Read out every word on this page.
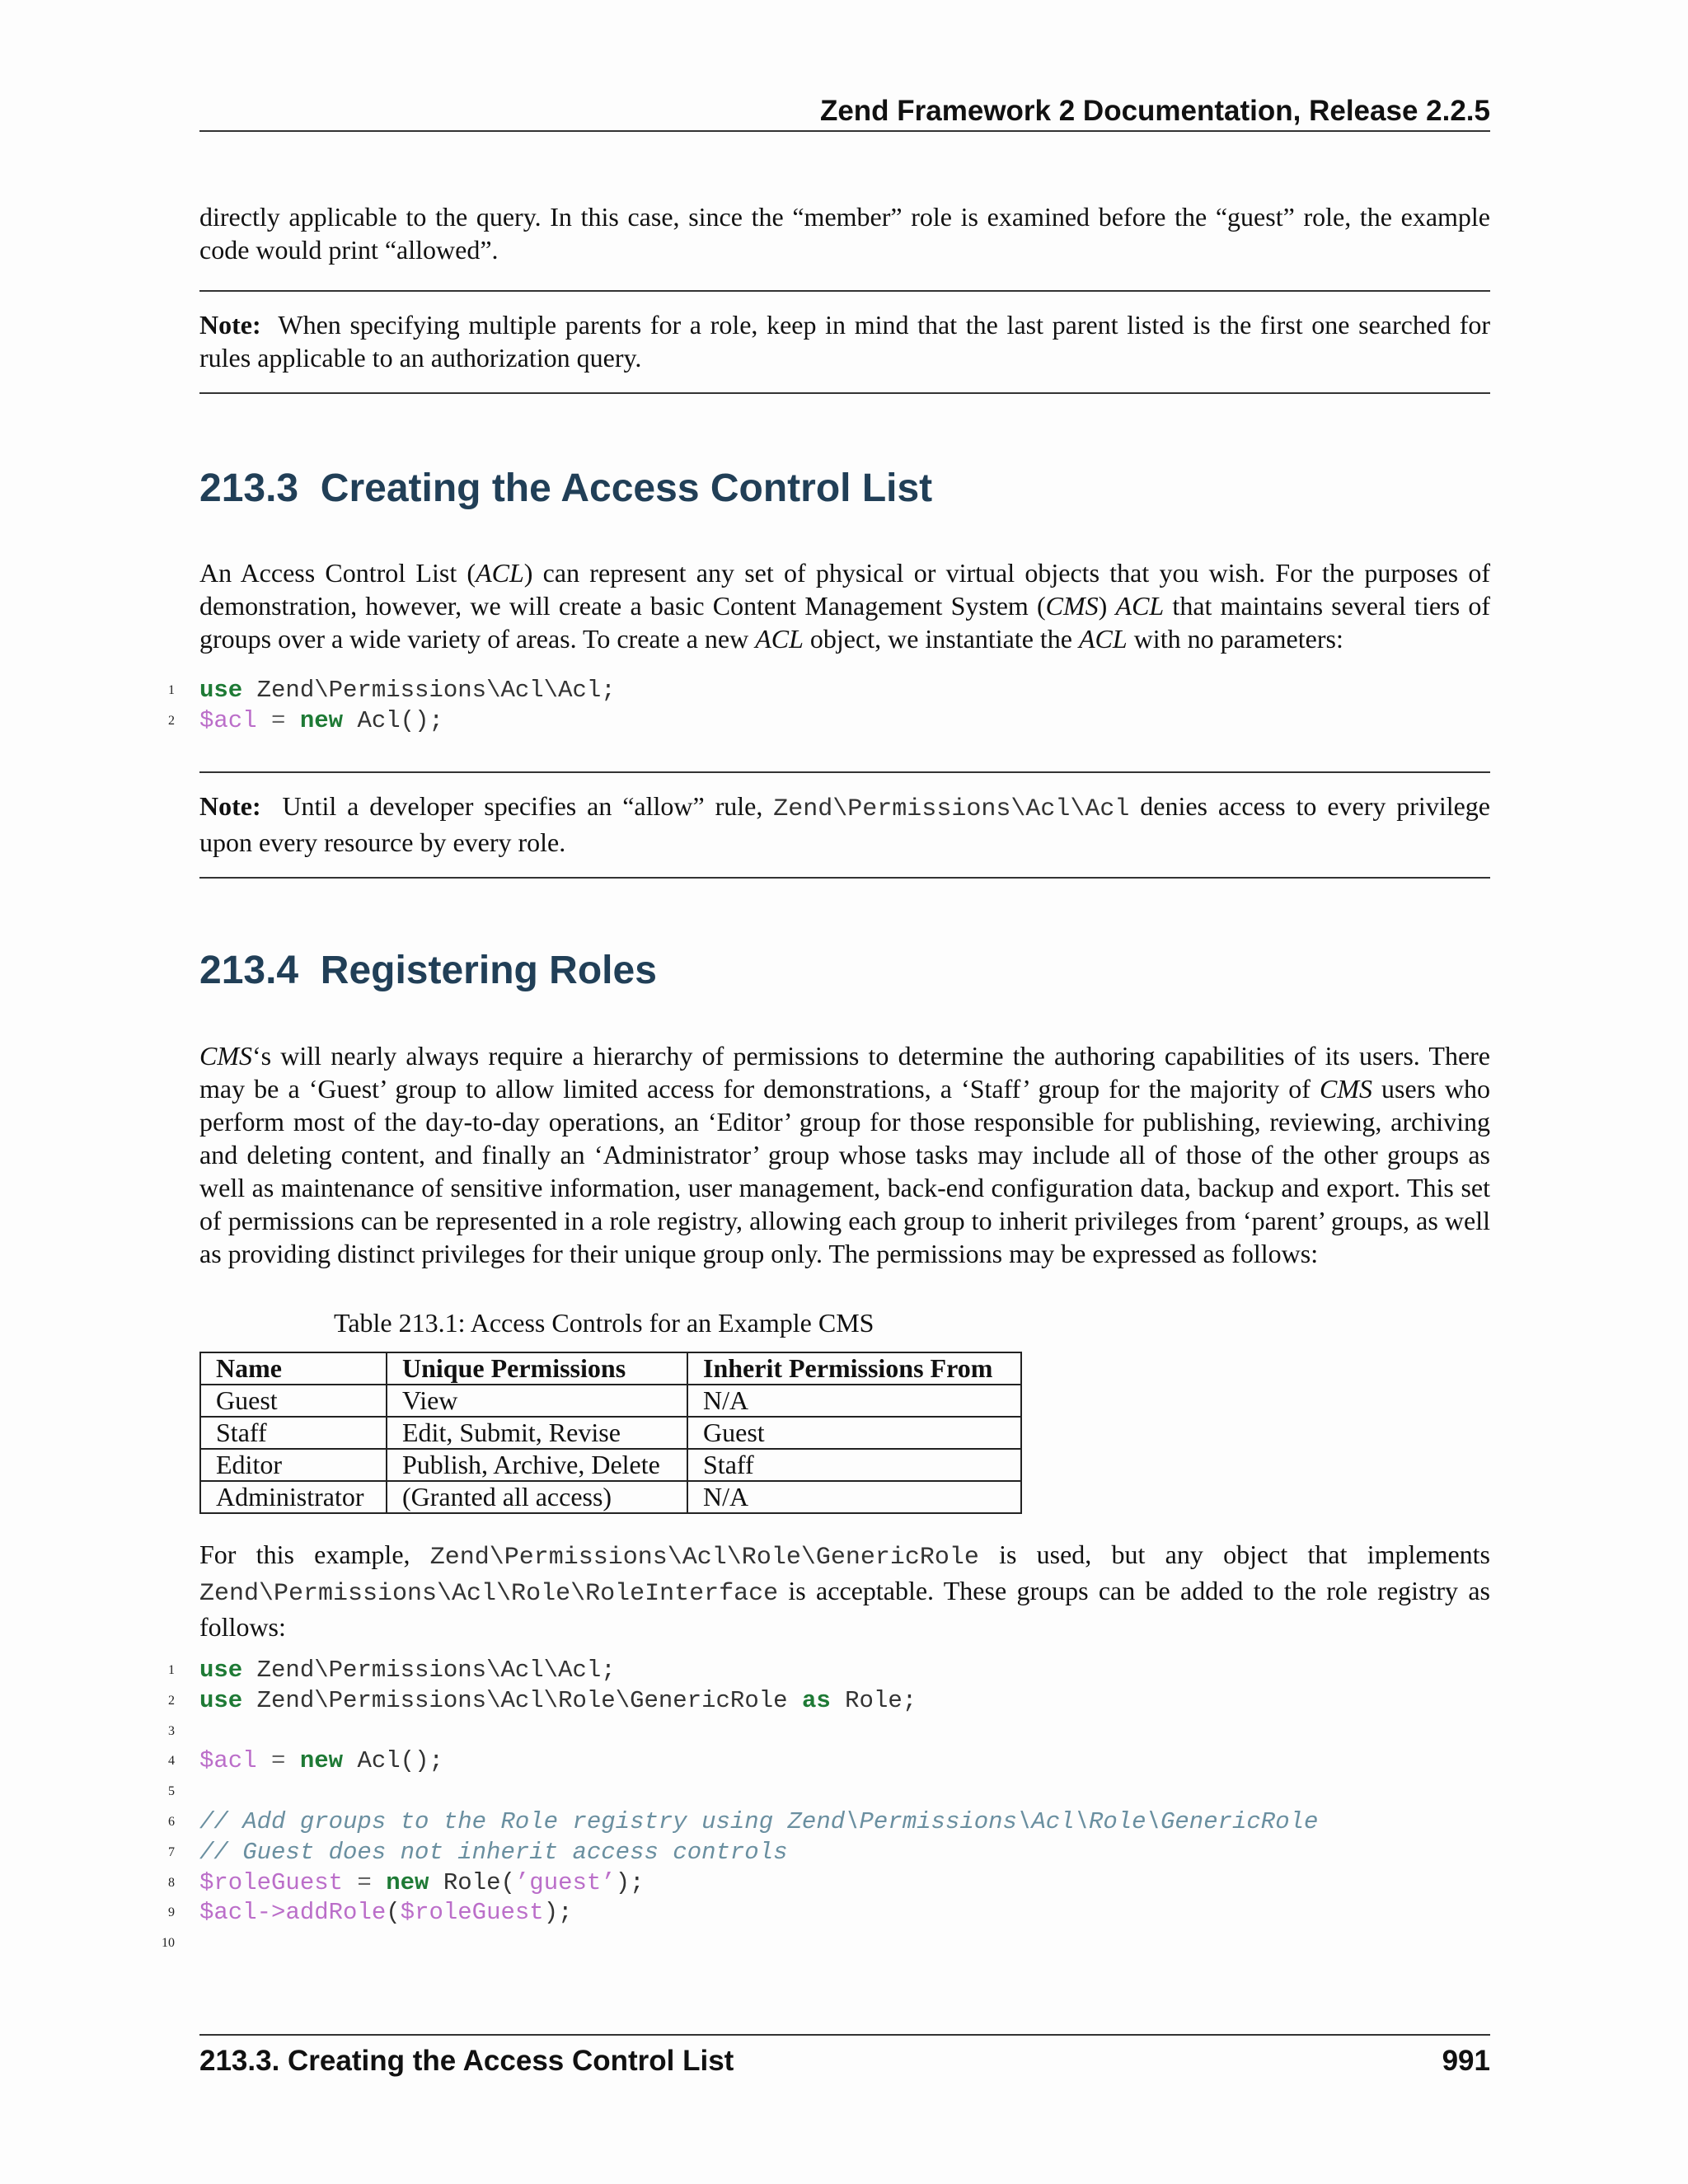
Zend Framework 2 Documentation, Release 2.2.5
directly applicable to the query. In this case, since the “member” role is examined before the “guest” role, the example
code would print “allowed”.

Note: When specifying multiple parents for a role, keep in mind that the last parent listed is the first one searched for rules applicable to an authorization query.

213.3  Creating the Access Control List

An Access Control List (ACL) can represent any set of physical or virtual objects that you wish. For the purposes of demonstration, however, we will create a basic Content Management System (CMS) ACL that maintains several tiers of groups over a wide variety of areas. To create a new ACL object, we instantiate the ACL with no parameters:

1 use Zend\Permissions\Acl\Acl;
2 $acl = new Acl();

Note: Until a developer specifies an “allow” rule, Zend\Permissions\Acl\Acl denies access to every privilege upon every resource by every role.

213.4  Registering Roles

CMS‘s will nearly always require a hierarchy of permissions to determine the authoring capabilities of its users. There may be a ‘Guest’ group to allow limited access for demonstrations, a ‘Staff’ group for the majority of CMS users who perform most of the day-to-day operations, an ‘Editor’ group for those responsible for publishing, reviewing, archiving and deleting content, and finally an ‘Administrator’ group whose tasks may include all of those of the other groups as well as maintenance of sensitive information, user management, back-end configuration data, backup and export. This set of permissions can be represented in a role registry, allowing each group to inherit privileges from ‘parent’ groups, as well as providing distinct privileges for their unique group only. The permissions may be expressed as follows:

Table 213.1: Access Controls for an Example CMS
Name	Unique Permissions	Inherit Permissions From
Guest	View	N/A
Staff	Edit, Submit, Revise	Guest
Editor	Publish, Archive, Delete	Staff
Administrator	(Granted all access)	N/A

For this example, Zend\Permissions\Acl\Role\GenericRole is used, but any object that implements Zend\Permissions\Acl\Role\RoleInterface is acceptable. These groups can be added to the role registry as follows:

1 use Zend\Permissions\Acl\Acl;
2 use Zend\Permissions\Acl\Role\GenericRole as Role;
3
4 $acl = new Acl();
5
6 // Add groups to the Role registry using Zend\Permissions\Acl\Role\GenericRole
7 // Guest does not inherit access controls
8 $roleGuest = new Role(’guest’);
9 $acl->addRole($roleGuest);
10
213.3. Creating the Access Control List	991
